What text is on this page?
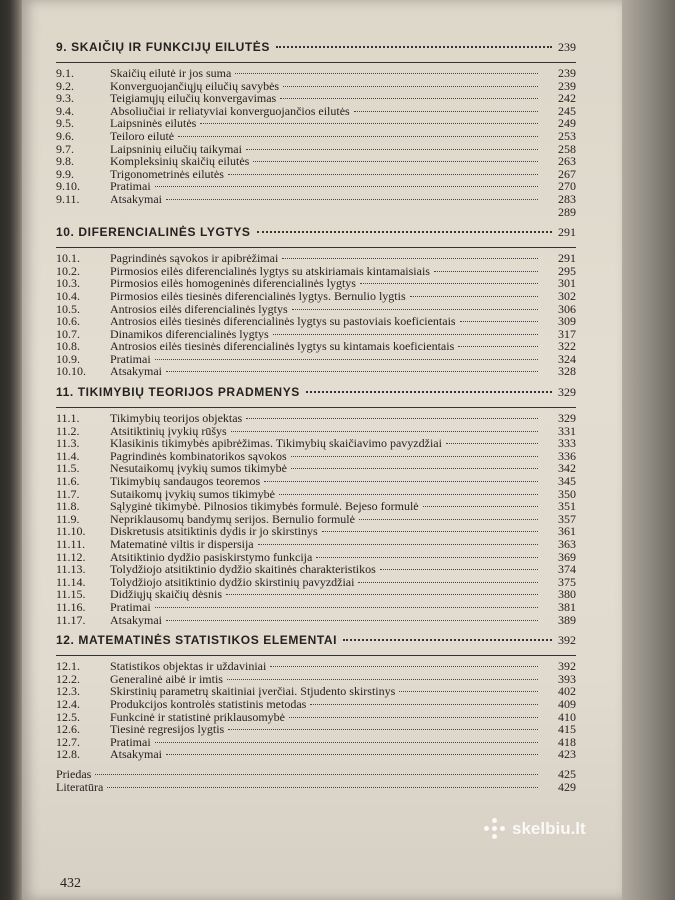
9. SKAIČIŲ IR FUNKCIJŲ EILUTĖS	239
9.1.	Skaičių eilutė ir jos suma	239
9.2.	Konverguojančiųjų eilučių savybės	239
9.3.	Teigiamųjų eilučių konvergavimas	242
9.4.	Absoliučiai ir reliatyviai konverguojančios eilutės	245
9.5.	Laipsninės eilutės	249
9.6.	Teiloro eilutė	253
9.7.	Laipsninių eilučių taikymai	258
9.8.	Kompleksinių skaičių eilutės	263
9.9.	Trigonometrinės eilutės	267
9.10.	Pratimai	270
9.11.	Atsakymai	283
289
10. DIFERENCIALINĖS LYGTYS	291
10.1.	Pagrindinės sąvokos ir apibrėžimai	291
10.2.	Pirmosios eilės diferencialinės lygtys su atskiriamais kintamaisiais	295
10.3.	Pirmosios eilės homogeninės diferencialinės lygtys	301
10.4.	Pirmosios eilės tiesinės diferencialinės lygtys. Bernulio lygtis	302
10.5.	Antrosios eilės diferencialinės lygtys	306
10.6.	Antrosios eilės tiesinės diferencialinės lygtys su pastoviais koeficientais	309
10.7.	Dinamikos diferencialinės lygtys	317
10.8.	Antrosios eilės tiesinės diferencialinės lygtys su kintamais koeficientais	322
10.9.	Pratimai	324
10.10.	Atsakymai	328
11. TIKIMYBIŲ TEORIJOS PRADMENYS	329
11.1.	Tikimybių teorijos objektas	329
11.2.	Atsitiktinių įvykių rūšys	331
11.3.	Klasikinis tikimybės apibrėžimas. Tikimybių skaičiavimo pavyzdžiai	333
11.4.	Pagrindinės kombinatorikos sąvokos	336
11.5.	Nesutaikomų įvykių sumos tikimybė	342
11.6.	Tikimybių sandaugos teoremos	345
11.7.	Sutaikomų įvykių sumos tikimybė	350
11.8.	Sąlyginė tikimybė. Pilnosios tikimybės formulė. Bejeso formulė	351
11.9.	Nepriklausomų bandymų serijos. Bernulio formulė	357
11.10.	Diskretusis atsitiktinis dydis ir jo skirstinys	361
11.11.	Matematinė viltis ir dispersija	363
11.12.	Atsitiktinio dydžio pasiskirstymo funkcija	369
11.13.	Tolydžiojo atsitiktinio dydžio skaitinės charakteristikos	374
11.14.	Tolydžiojo atsitiktinio dydžio skirstinių pavyzdžiai	375
11.15.	Didžiųjų skaičių dėsnis	380
11.16.	Pratimai	381
11.17.	Atsakymai	389
12. MATEMATINĖS STATISTIKOS ELEMENTAI	392
12.1.	Statistikos objektas ir uždaviniai	392
12.2.	Generalinė aibė ir imtis	393
12.3.	Skirstinių parametrų skaitiniai įverčiai. Stjudento skirstinys	402
12.4.	Produkcijos kontrolės statistinis metodas	409
12.5.	Funkcinė ir statistinė priklausomybė	410
12.6.	Tiesinė regresijos lygtis	415
12.7.	Pratimai	418
12.8.	Atsakymai	423
Priedas	425
Literatūra	429
432
skelbiu.lt
